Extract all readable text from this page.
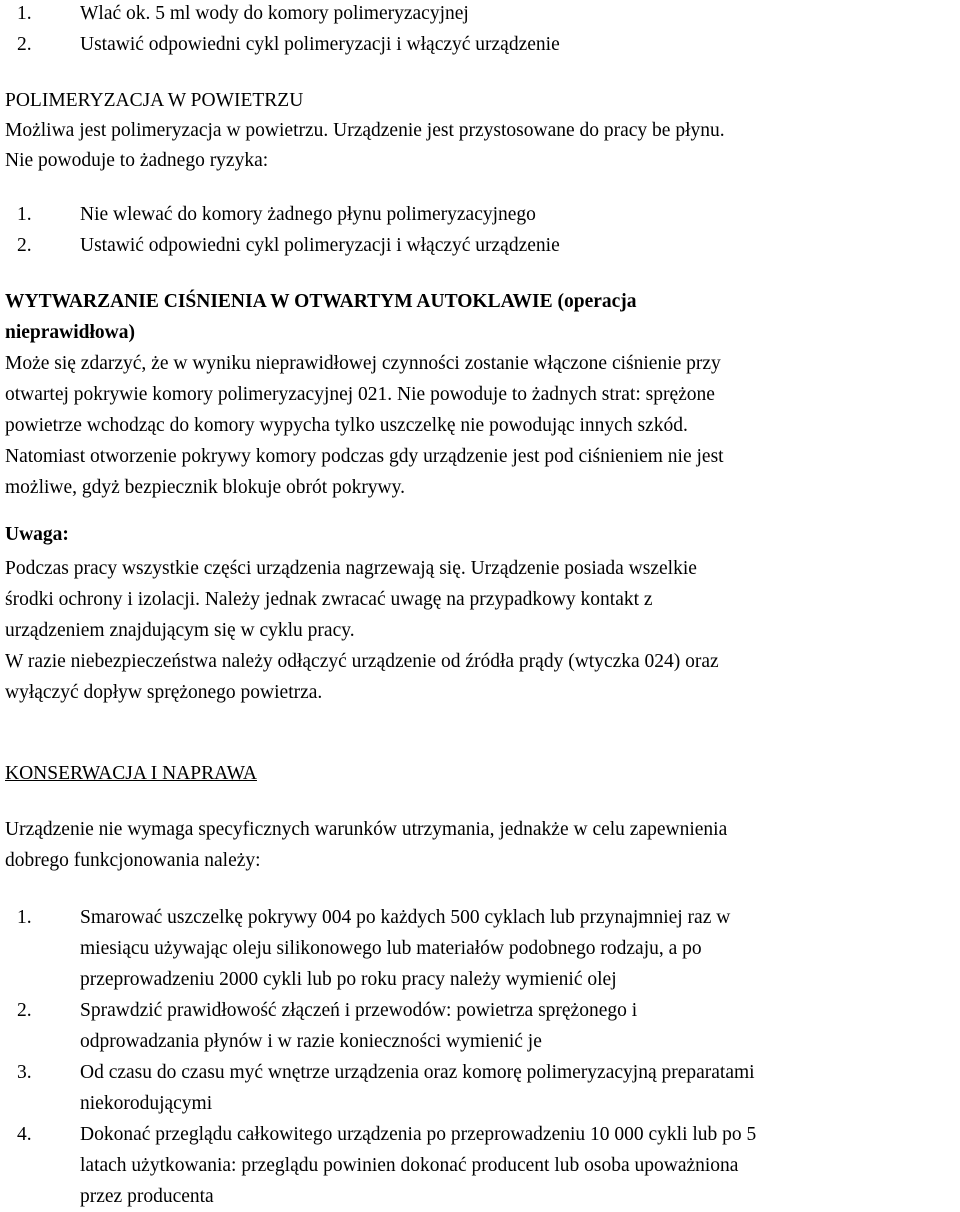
1.	Wlać ok. 5 ml wody do komory polimeryzacyjnej
2.	Ustawić odpowiedni cykl polimeryzacji i włączyć urządzenie
POLIMERYZACJA W POWIETRZU
Możliwa jest polimeryzacja w powietrzu. Urządzenie jest przystosowane do pracy be płynu.
Nie powoduje to żadnego ryzyka:
1.	Nie wlewać do komory żadnego płynu polimeryzacyjnego
2.	Ustawić odpowiedni cykl polimeryzacji i włączyć urządzenie
WYTWARZANIE CIŚNIENIA W OTWARTYM AUTOKLAWIE (operacja
nieprawidłowa)
Może się zdarzyć, że w wyniku nieprawidłowej czynności zostanie włączone ciśnienie przy
otwartej pokrywie komory polimeryzacyjnej 021. Nie powoduje to żadnych strat: sprężone
powietrze wchodząc do komory wypycha tylko uszczelkę nie powodując innych szkód.
Natomiast otworzenie pokrywy komory podczas gdy urządzenie jest pod ciśnieniem nie jest
możliwe, gdyż bezpiecznik blokuje obrót pokrywy.
Uwaga:
Podczas pracy wszystkie części urządzenia nagrzewają się. Urządzenie posiada wszelkie
środki ochrony i izolacji. Należy jednak zwracać uwagę na przypadkowy kontakt z
urządzeniem znajdującym się w cyklu pracy.
W razie niebezpieczeństwa należy odłączyć urządzenie od źródła prądy (wtyczka 024) oraz
wyłączyć dopływ sprężonego powietrza.
KONSERWACJA I NAPRAWA
Urządzenie nie wymaga specyficznych warunków utrzymania, jednakże w celu zapewnienia
dobrego funkcjonowania należy:
1.	Smarować uszczelkę pokrywy 004 po każdych 500 cyklach lub przynajmniej raz w
miesiącu używając oleju silikonowego lub materiałów podobnego rodzaju, a po
przeprowadzeniu 2000 cykli lub po roku pracy należy wymienić olej
2.	Sprawdzić prawidłowość złączeń i przewodów: powietrza sprężonego i
odprowadzania płynów i w razie konieczności wymienić je
3.	Od czasu do czasu myć wnętrze urządzenia oraz komorę polimeryzacyjną preparatami
niekorodującymi
4.	Dokonać przeglądu całkowitego urządzenia po przeprowadzeniu 10 000 cykli lub po 5
latach użytkowania: przeglądu powinien dokonać producent lub osoba upoważniona
przez producenta
